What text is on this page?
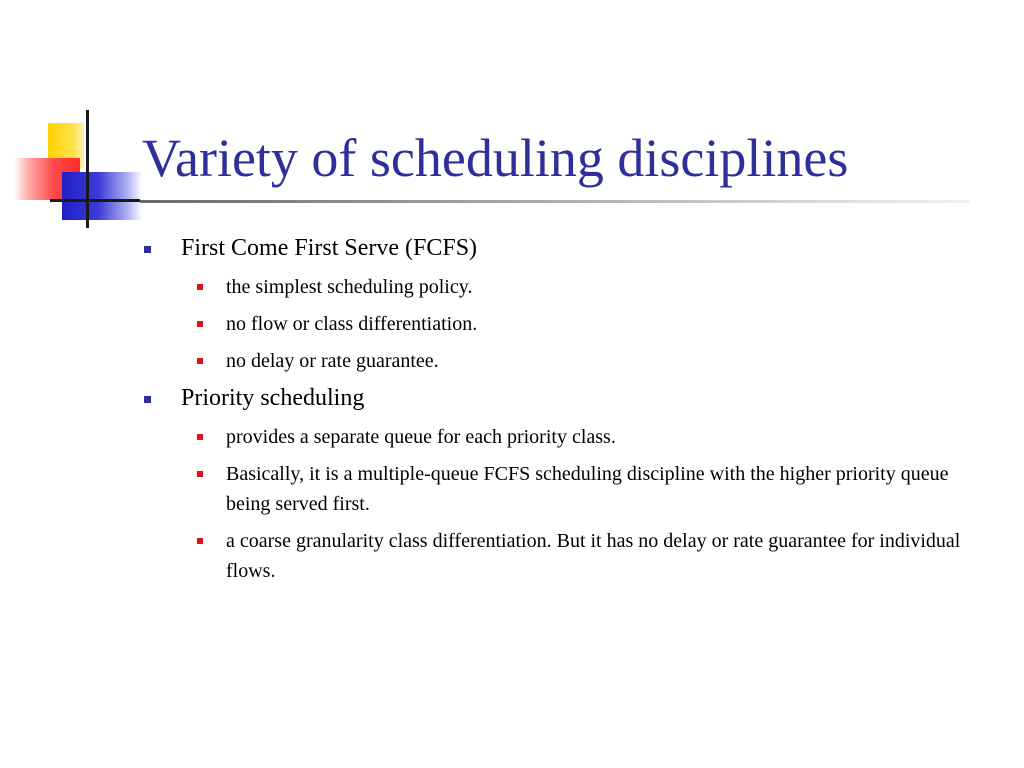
Variety of scheduling disciplines
First Come First Serve (FCFS)
the simplest scheduling policy.
no flow or class differentiation.
no delay or rate guarantee.
Priority scheduling
provides a separate queue for each priority class.
Basically, it is a multiple-queue FCFS scheduling discipline with the higher priority queue being served first.
a coarse granularity class differentiation. But it has no delay or rate guarantee for individual flows.
